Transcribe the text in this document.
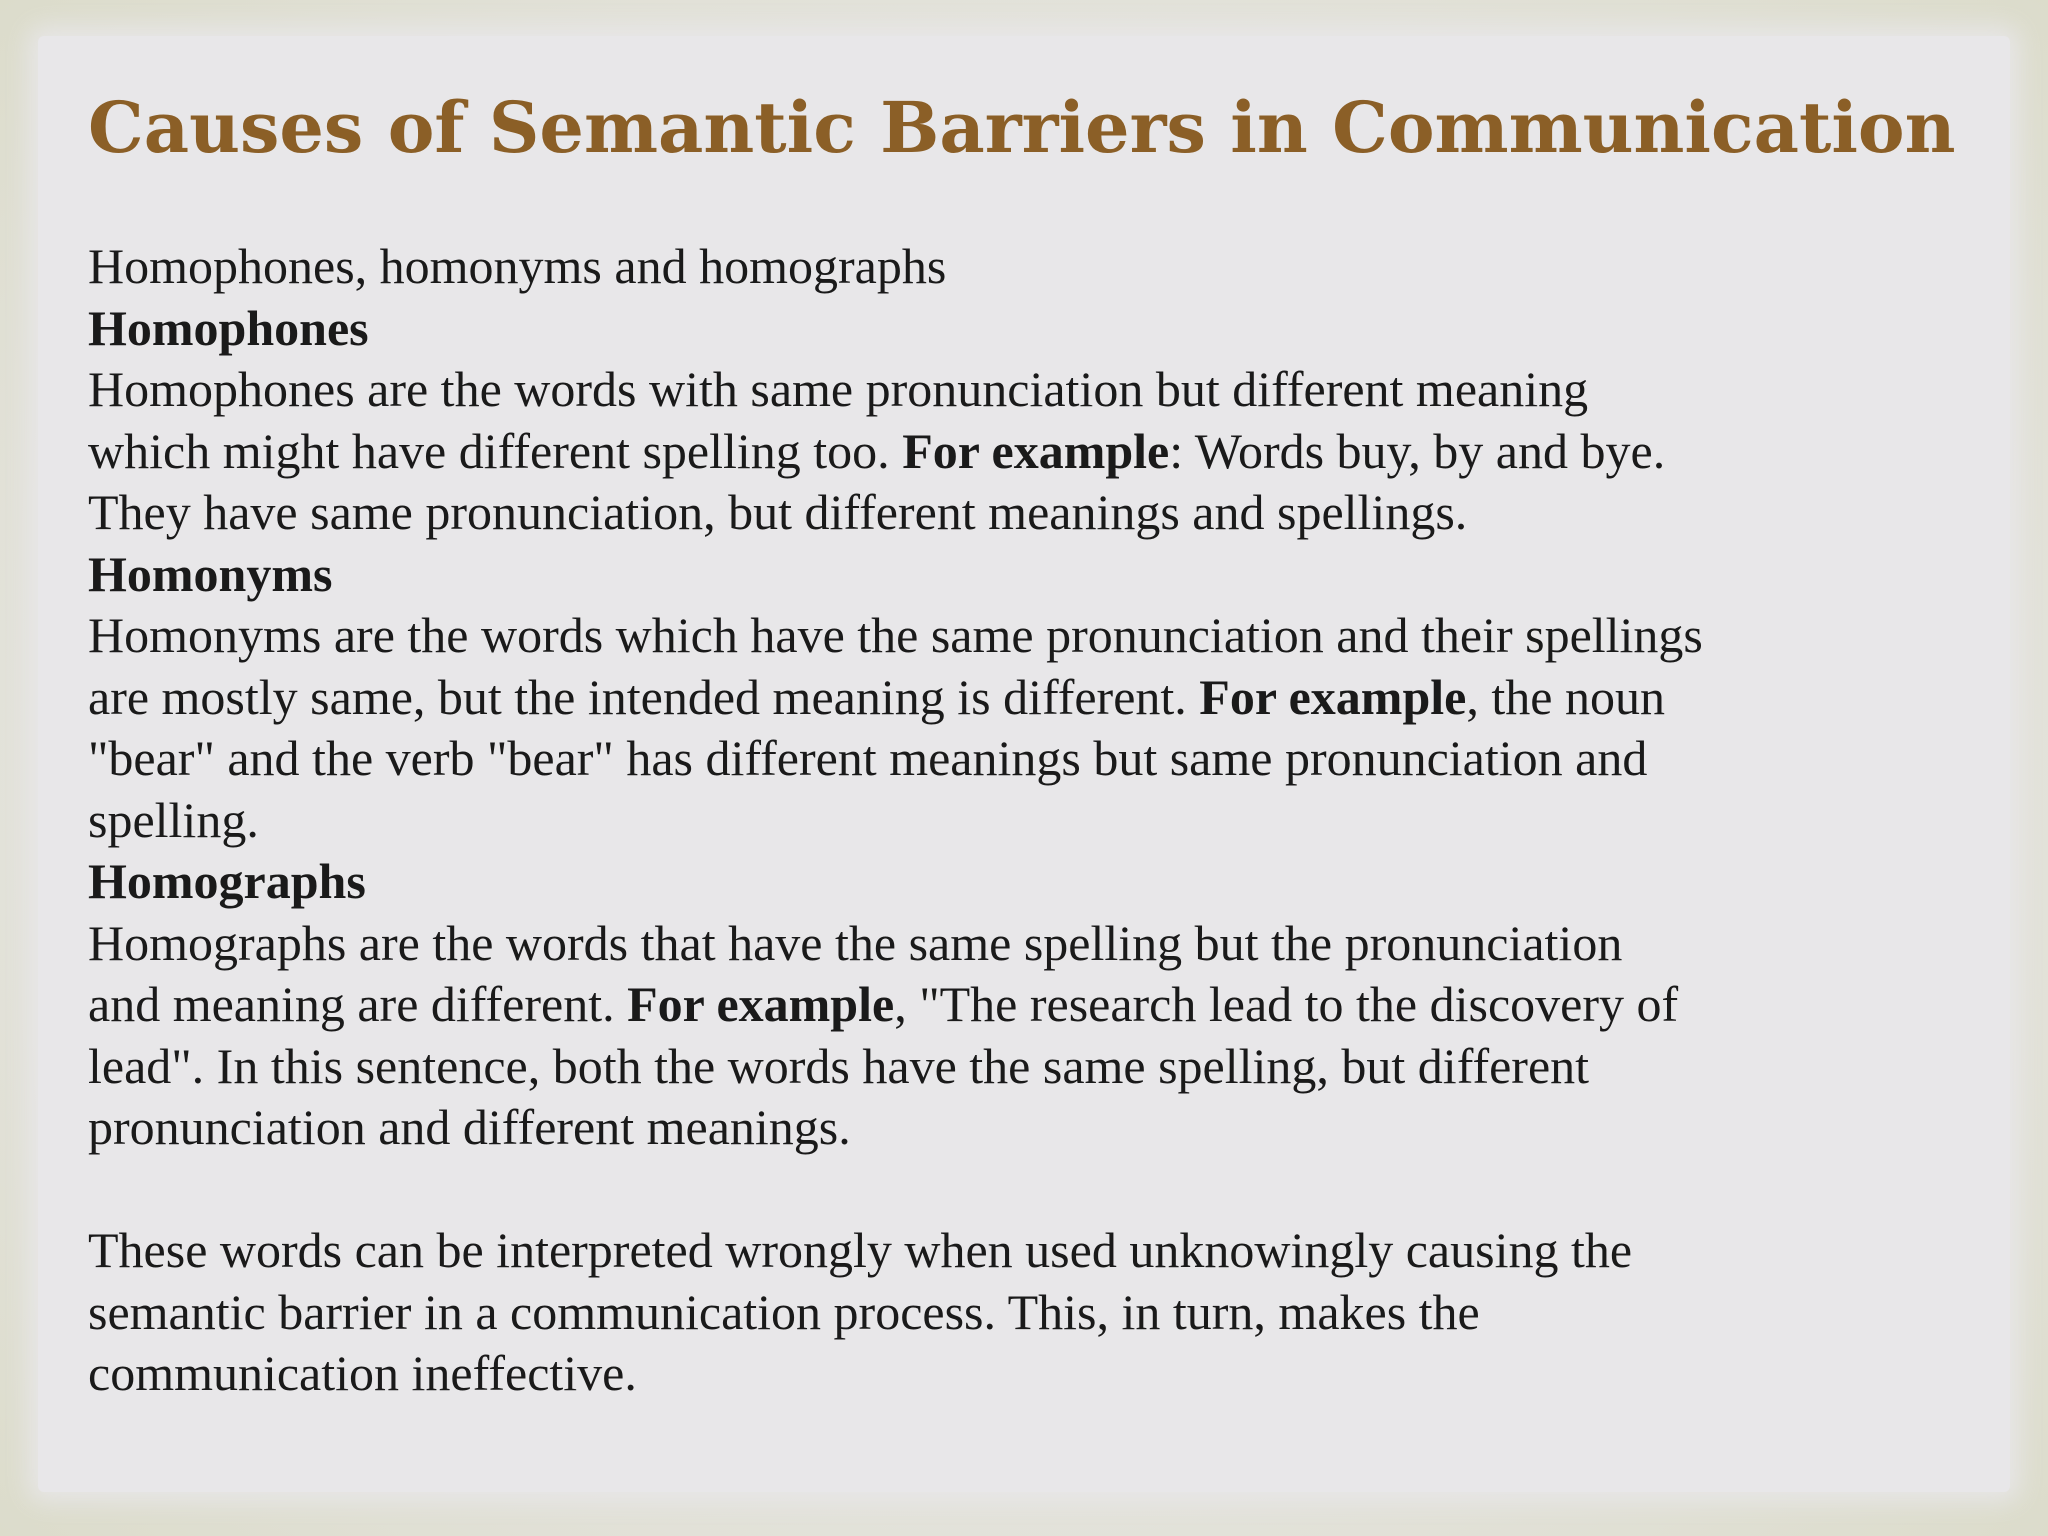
Causes of Semantic Barriers in Communication
Homophones, homonyms and homographs
Homophones
Homophones are the words with same pronunciation but different meaning
which might have different spelling too. For example: Words buy, by and bye.
They have same pronunciation, but different meanings and spellings.
Homonyms
Homonyms are the words which have the same pronunciation and their spellings
are mostly same, but the intended meaning is different. For example, the noun
"bear" and the verb "bear" has different meanings but same pronunciation and
spelling.
Homographs
Homographs are the words that have the same spelling but the pronunciation
and meaning are different. For example, "The research lead to the discovery of
lead". In this sentence, both the words have the same spelling, but different
pronunciation and different meanings.
These words can be interpreted wrongly when used unknowingly causing the
semantic barrier in a communication process. This, in turn, makes the
communication ineffective.
